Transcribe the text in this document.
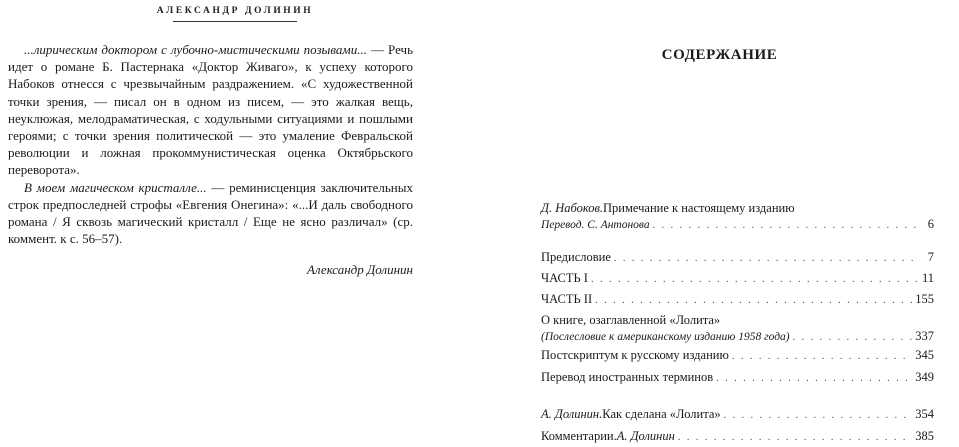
АЛЕКСАНДР ДОЛИНИН

...лирическим доктором с лубочно-мистическими позывами... — Речь идет о романе Б. Пастернака «Доктор Живаго», к успеху которого Набоков отнесся с чрезвычайным раздражением. «С художественной точки зрения, — писал он в одном из писем, — это жалкая вещь, неуклюжая, мелодраматическая, с ходульными ситуациями и пошлыми героями; с точки зрения политической — это умаление Февральской революции и ложная прокоммунистическая оценка Октябрьского переворота».

В моем магическом кристалле... — реминисценция заключительных строк предпоследней строфы «Евгения Онегина»: «...И даль свободного романа / Я сквозь магический кристалл / Еще не ясно различал» (ср. коммент. к с. 56–57).

Александр Долинин

СОДЕРЖАНИЕ
Д. Набоков. Примечание к настоящему изданию
Перевод. С. Антонова . . .	6
Предисловие . . .	7
ЧАСТЬ I . . .	11
ЧАСТЬ II . . .	155
О книге, озаглавленной «Лолита»
(Послесловие к американскому изданию 1958 года) . . .	337
Постскриптум к русскому изданию . . .	345
Перевод иностранных терминов . . .	349
А. Долинин. Как сделана «Лолита» . . .	354
Комментарии. А. Долинин . . .	385
